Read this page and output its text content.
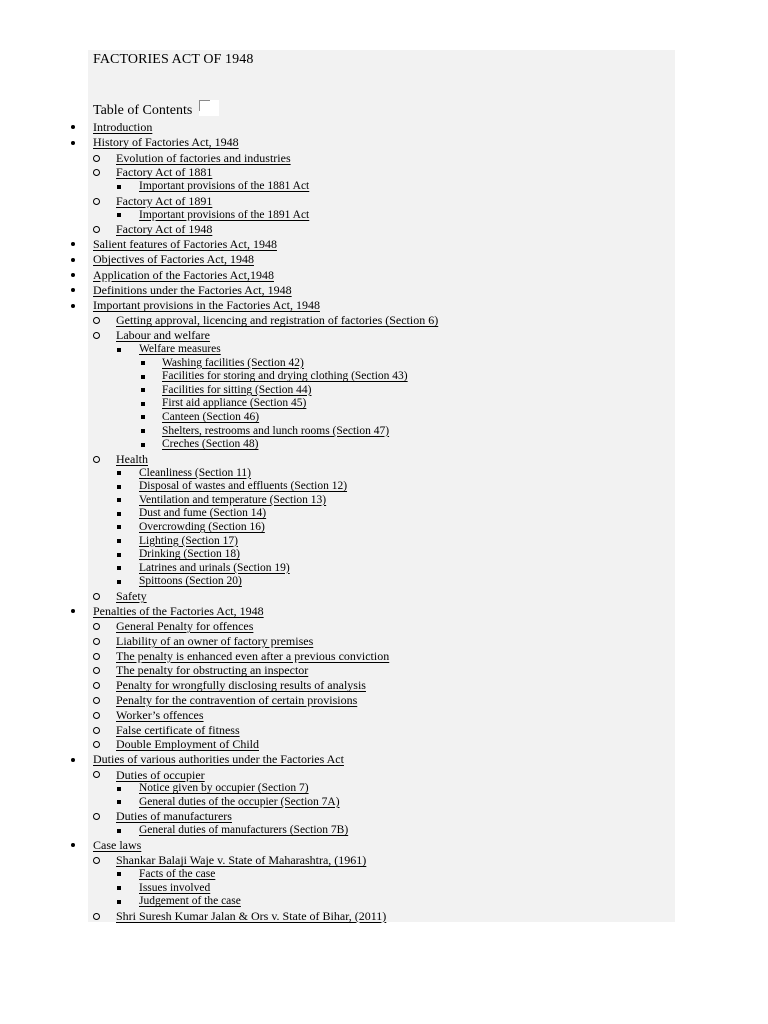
FACTORIES ACT OF 1948
Table of Contents
Introduction
History of Factories Act, 1948
Evolution of factories and industries
Factory Act of 1881
Important provisions of the 1881 Act
Factory Act of 1891
Important provisions of the 1891 Act
Factory Act of 1948
Salient features of Factories Act, 1948
Objectives of Factories Act, 1948
Application of the Factories Act,1948
Definitions under the Factories Act, 1948
Important provisions in the Factories Act, 1948
Getting approval, licencing and registration of factories (Section 6)
Labour and welfare
Welfare measures
Washing facilities (Section 42)
Facilities for storing and drying clothing (Section 43)
Facilities for sitting (Section 44)
First aid appliance (Section 45)
Canteen (Section 46)
Shelters, restrooms and lunch rooms (Section 47)
Creches (Section 48)
Health
Cleanliness (Section 11)
Disposal of wastes and effluents (Section 12)
Ventilation and temperature (Section 13)
Dust and fume (Section 14)
Overcrowding (Section 16)
Lighting (Section 17)
Drinking (Section 18)
Latrines and urinals (Section 19)
Spittoons (Section 20)
Safety
Penalties of the Factories Act, 1948
General Penalty for offences
Liability of an owner of factory premises
The penalty is enhanced even after a previous conviction
The penalty for obstructing an inspector
Penalty for wrongfully disclosing results of analysis
Penalty for the contravention of certain provisions
Worker’s offences
False certificate of fitness
Double Employment of Child
Duties of various authorities under the Factories Act
Duties of occupier
Notice given by occupier (Section 7)
General duties of the occupier (Section 7A)
Duties of manufacturers
General duties of manufacturers (Section 7B)
Case laws
Shankar Balaji Waje v. State of Maharashtra, (1961)
Facts of the case
Issues involved
Judgement of the case
Shri Suresh Kumar Jalan & Ors v. State of Bihar, (2011)
